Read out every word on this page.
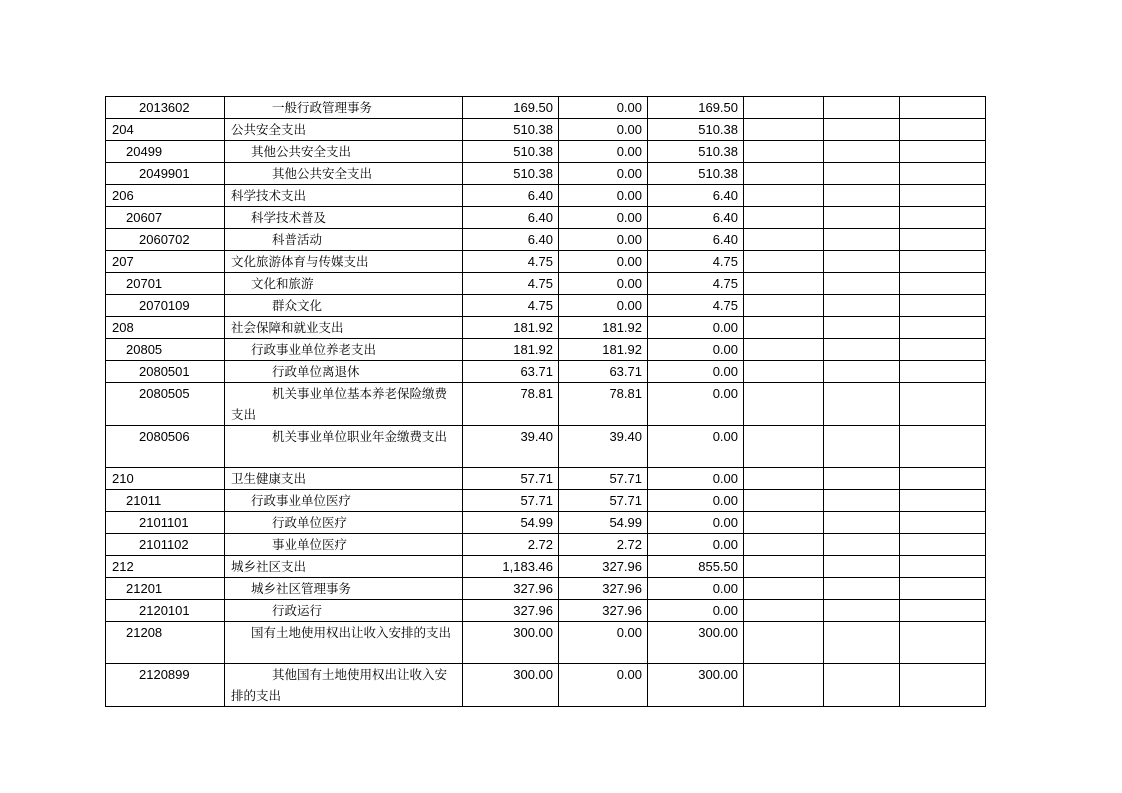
2013602	一般行政管理事务	169.50	0.00	169.50			
204	公共安全支出	510.38	0.00	510.38			
20499	其他公共安全支出	510.38	0.00	510.38			
2049901	其他公共安全支出	510.38	0.00	510.38			
206	科学技术支出	6.40	0.00	6.40			
20607	科学技术普及	6.40	0.00	6.40			
2060702	科普活动	6.40	0.00	6.40			
207	文化旅游体育与传媒支出	4.75	0.00	4.75			
20701	文化和旅游	4.75	0.00	4.75			
2070109	群众文化	4.75	0.00	4.75			
208	社会保障和就业支出	181.92	181.92	0.00			
20805	行政事业单位养老支出	181.92	181.92	0.00			
2080501	行政单位离退休	63.71	63.71	0.00			
2080505	机关事业单位基本养老保险缴费支出	78.81	78.81	0.00			
2080506	机关事业单位职业年金缴费支出	39.40	39.40	0.00			
210	卫生健康支出	57.71	57.71	0.00			
21011	行政事业单位医疗	57.71	57.71	0.00			
2101101	行政单位医疗	54.99	54.99	0.00			
2101102	事业单位医疗	2.72	2.72	0.00			
212	城乡社区支出	1,183.46	327.96	855.50			
21201	城乡社区管理事务	327.96	327.96	0.00			
2120101	行政运行	327.96	327.96	0.00			
21208	国有土地使用权出让收入安排的支出	300.00	0.00	300.00			
2120899	其他国有土地使用权出让收入安排的支出	300.00	0.00	300.00			
